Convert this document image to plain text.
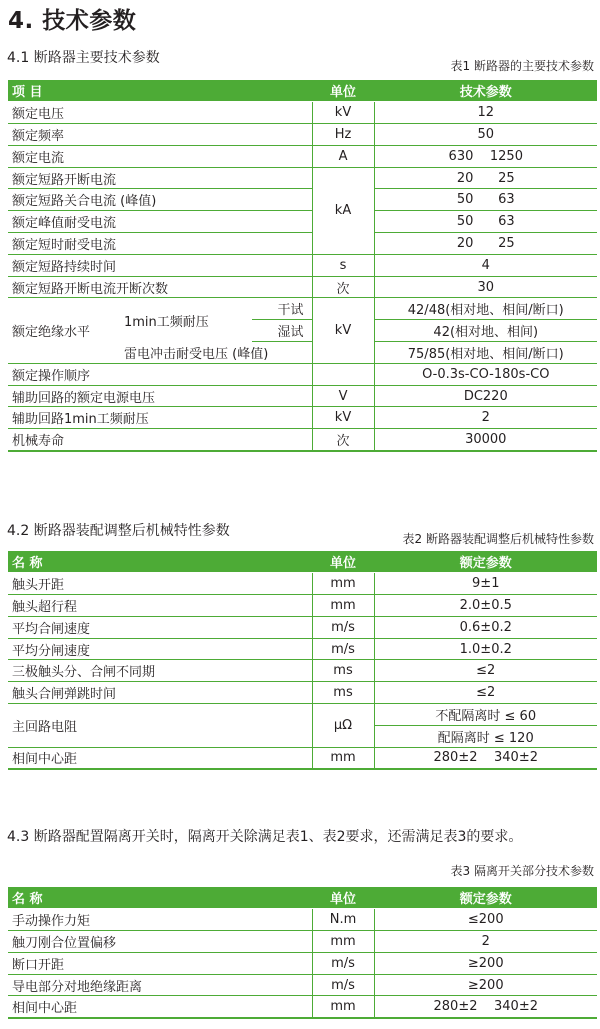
4. 技术参数

4.1 断路器主要技术参数	表1 断路器的主要技术参数

项 目			单位	技术参数
额定电压			kV	12
额定频率			Hz	50
额定电流			A	630    1250
额定短路开断电流			kA	20      25
额定短路关合电流 (峰值)				50      63
额定峰值耐受电流				50      63
额定短时耐受电流				20      25
额定短路持续时间			s	4
额定短路开断电流开断次数			次	30
额定绝缘水平	1min工频耐压	干试	kV	42/48(相对地、相间/断口)
		湿试		42(相对地、相间)
	雷电冲击耐受电压 (峰值)			75/85(相对地、相间/断口)
额定操作顺序				O-0.3s-CO-180s-CO
辅助回路的额定电源电压			V	DC220
辅助回路1min工频耐压			kV	2
机械寿命			次	30000

4.2 断路器装配调整后机械特性参数	表2 断路器装配调整后机械特性参数

名 称	单位	额定参数
触头开距	mm	9±1
触头超行程	mm	2.0±0.5
平均合闸速度	m/s	0.6±0.2
平均分闸速度	m/s	1.0±0.2
三极触头分、合闸不同期	ms	≤2
触头合闸弹跳时间	ms	≤2
主回路电阻	μΩ	不配隔离时 ≤ 60
		配隔离时 ≤ 120
相间中心距	mm	280±2    340±2

4.3 断路器配置隔离开关时，隔离开关除满足表1、表2要求，还需满足表3的要求。

表3 隔离开关部分技术参数

名 称	单位	额定参数
手动操作力矩	N.m	≤200
触刀刚合位置偏移	mm	2
断口开距	m/s	≥200
导电部分对地绝缘距离	m/s	≥200
相间中心距	mm	280±2    340±2
